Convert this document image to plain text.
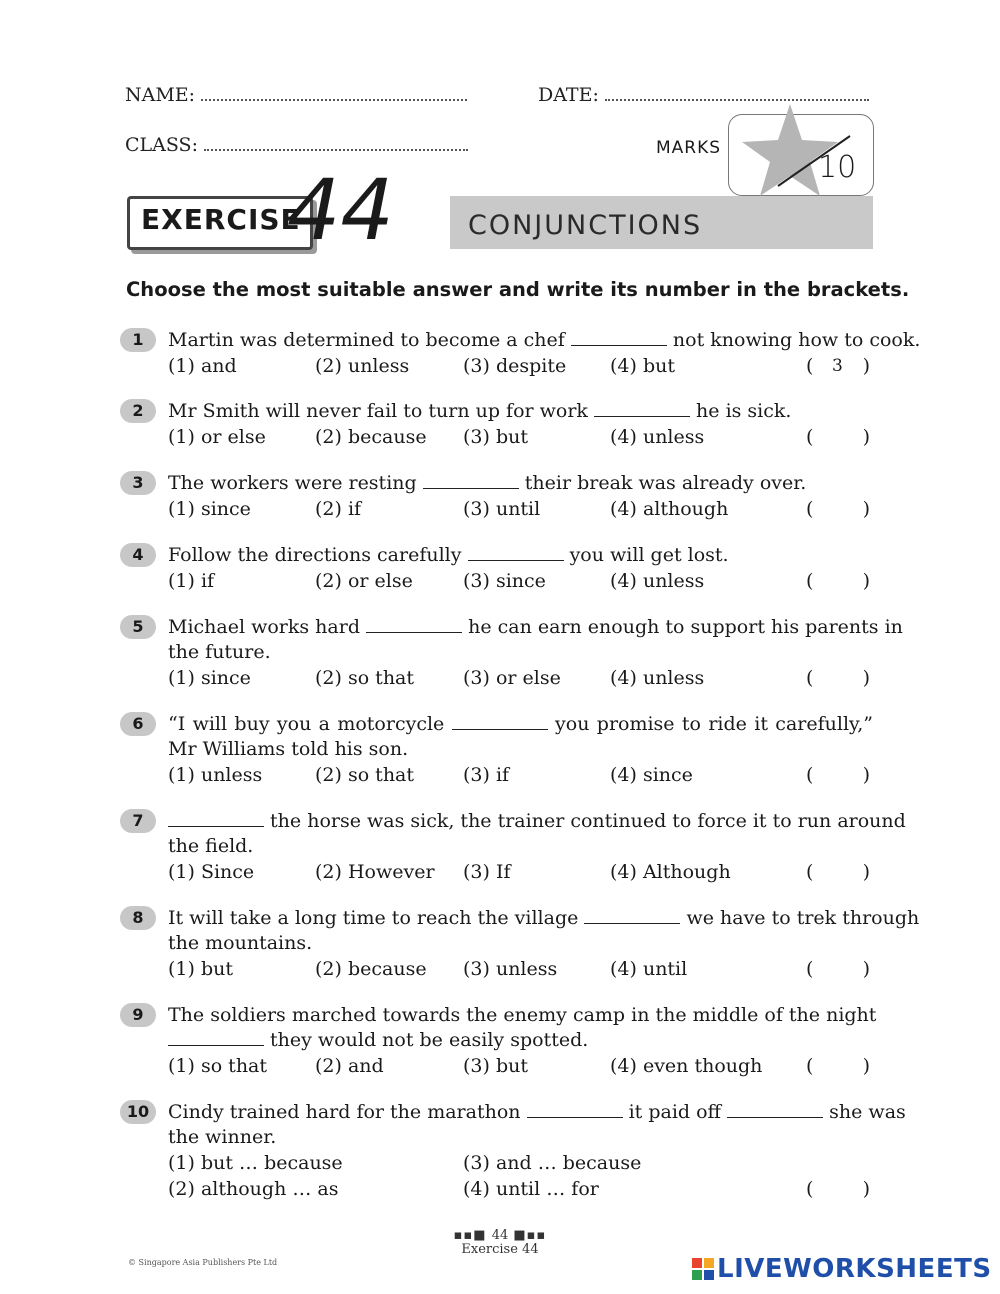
NAME:	DATE:
CLASS:	MARKS
10
EXERCISE
44	CONJUNCTIONS
Choose the most suitable answer and write its number in the brackets.
1	Martin was determined to become a chef	not knowing how to cook.
(1) and	(2) unless	(3) despite (4) but	( 3 )
2	Mr Smith will never fail to turn up for work	he is sick.
(1) or else	(2) because (3) but	(4) unless	(	)
3	The workers were resting	their break was already over.
(1) since	(2) if	(3) until	(4) although	(	)
4	Follow the directions carefully	you will get lost.
(1) if	(2) or else	(3) since	(4) unless	(	)
5	Michael works hard	he can earn enough to support his parents in
the future.
(1) since	(2) so that	(3) or else	(4) unless	(	)
6	“I will buy you a motorcycle	you promise to ride it carefully,”
Mr Williams told his son.
(1) unless	(2) so that	(3) if	(4) since	(	)
7	the horse was sick, the trainer continued to force it to run around
the field.
(1) Since	(2) However (3) If	(4) Although	(	)
8	It will take a long time to reach the village	we have to trek through
the mountains.
(1) but	(2) because (3) unless	(4) until	(	)
9	The soldiers marched towards the enemy camp in the middle of the night
they would not be easily spotted.
(1) so that	(2) and	(3) but	(4) even though (	)
10 Cindy trained hard for the marathon	it paid off	she was
the winner.
(1) but … because	(3) and … because
(2) although … as	(4) until … for	(	)
▪▪■ 44 ■▪▪
Exercise 44
© Singapore Asia Publishers Pte Ltd	LIVEWORKSHEETS
